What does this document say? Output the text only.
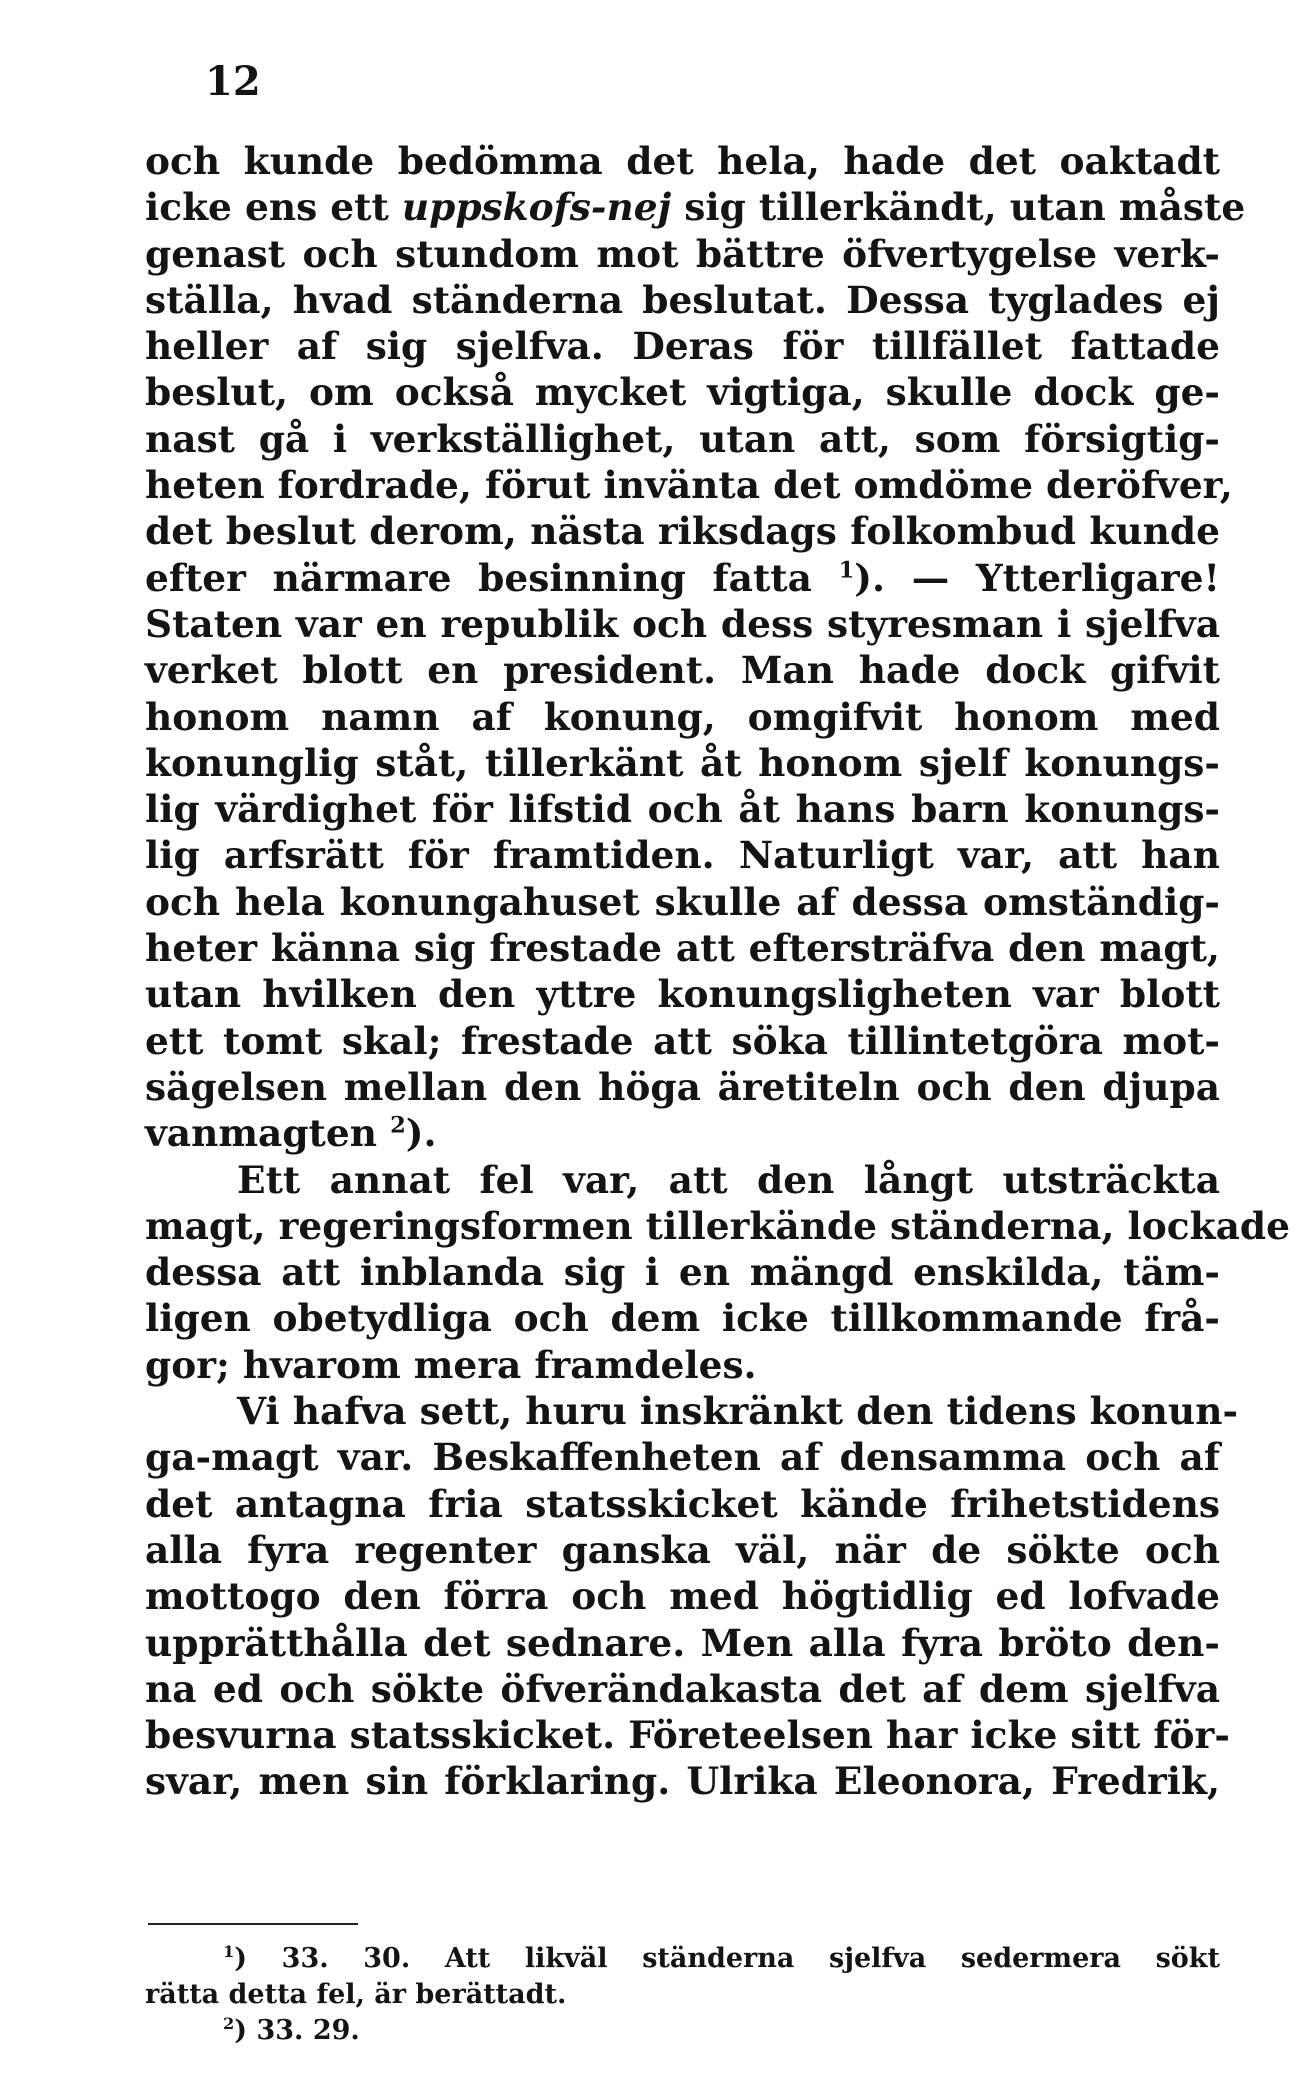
12
och kunde bedömma det hela, hade det oaktadt
icke ens ett uppskofs-nej sig tillerkändt, utan måste
genast och stundom mot bättre öfvertygelse verk-
ställa, hvad ständerna beslutat. Dessa tyglades ej
heller af sig sjelfva. Deras för tillfället fattade
beslut, om också mycket vigtiga, skulle dock ge-
nast gå i verkställighet, utan att, som försigtig-
heten fordrade, förut invänta det omdöme deröfver,
det beslut derom, nästa riksdags folkombud kunde
efter närmare besinning fatta $^1$). — Ytterligare!
Staten var en republik och dess styresman i sjelfva
verket blott en president. Man hade dock gifvit
honom namn af konung, omgifvit honom med
konunglig ståt, tillerkänt åt honom sjelf konungs-
lig värdighet för lifstid och åt hans barn konungs-
lig arfsrätt för framtiden. Naturligt var, att han
och hela konungahuset skulle af dessa omständig-
heter känna sig frestade att eftersträfva den magt,
utan hvilken den yttre konungsligheten var blott
ett tomt skal; frestade att söka tillintetgöra mot-
sägelsen mellan den höga äretiteln och den djupa
vanmagten $^2$).
Ett annat fel var, att den långt utsträckta
magt, regeringsformen tillerkände ständerna, lockade
dessa att inblanda sig i en mängd enskilda, täm-
ligen obetydliga och dem icke tillkommande frå-
gor; hvarom mera framdeles.
Vi hafva sett, huru inskränkt den tidens konun-
ga-magt var. Beskaffenheten af densamma och af
det antagna fria statsskicket kände frihetstidens
alla fyra regenter ganska väl, när de sökte och
mottogo den förra och med högtidlig ed lofvade
upprätthålla det sednare. Men alla fyra bröto den-
na ed och sökte öfverändakasta det af dem sjelfva
besvurna statsskicket. Företeelsen har icke sitt för-
svar, men sin förklaring. Ulrika Eleonora, Fredrik,
$^1$) 33. 30. Att likväl ständerna sjelfva sedermera sökt
rätta detta fel, är berättadt.
$^2$) 33. 29.
